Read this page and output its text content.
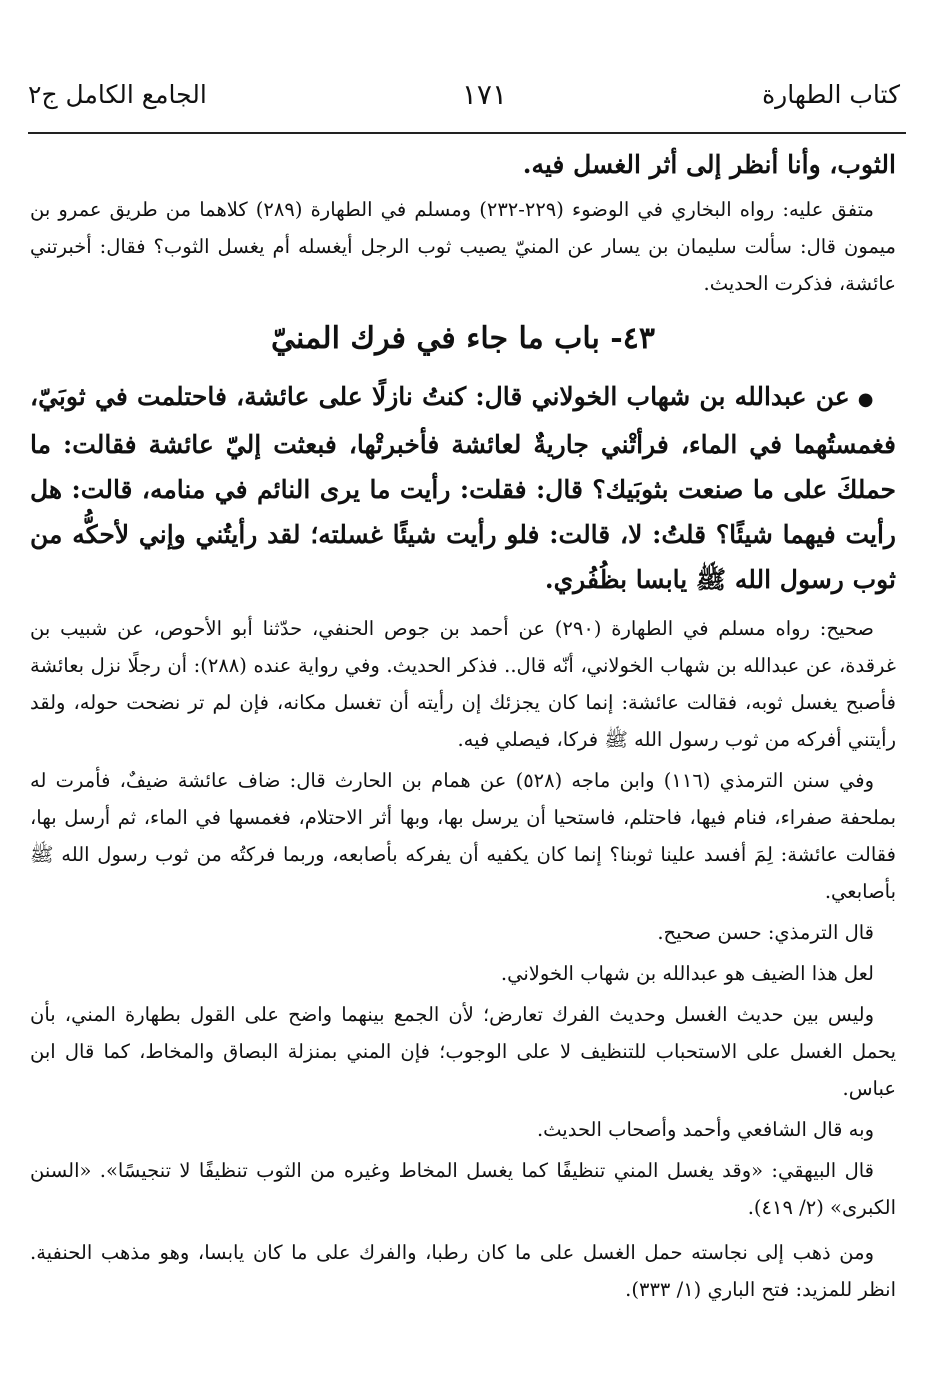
كتاب الطهارة
١٧١
الجامع الكامل ج٢

الثوب، وأنا أنظر إلى أثر الغسل فيه.

متفق عليه: رواه البخاري في الوضوء (٢٢٩-٢٣٢) ومسلم في الطهارة (٢٨٩) كلاهما من طريق عمرو بن ميمون قال: سألت سليمان بن يسار عن المنيّ يصيب ثوب الرجل أيغسله أم يغسل الثوب؟ فقال: أخبرتني عائشة، فذكرت الحديث.

٤٣- باب ما جاء في فرك المنيّ

●عن عبدالله بن شهاب الخولاني قال: كنتُ نازلًا على عائشة، فاحتلمت في ثوبَيّ، فغمستُهما في الماء، فرأتْني جاريةٌ لعائشة فأخبرتْها، فبعثت إليّ عائشة فقالت: ما حملكَ على ما صنعت بثوبَيك؟ قال: فقلت: رأيت ما يرى النائم في منامه، قالت: هل رأيت فيهما شيئًا؟ قلتُ: لا، قالت: فلو رأيت شيئًا غسلته؛ لقد رأيتُني وإني لأحكُّه من ثوب رسول الله ﷺ يابسا بظُفُري.

صحيح: رواه مسلم في الطهارة (٢٩٠) عن أحمد بن جوص الحنفي، حدّثنا أبو الأحوص، عن شبيب بن غرقدة، عن عبدالله بن شهاب الخولاني، أنّه قال.. فذكر الحديث. وفي رواية عنده (٢٨٨): أن رجلًا نزل بعائشة فأصبح يغسل ثوبه، فقالت عائشة: إنما كان يجزئك إن رأيته أن تغسل مكانه، فإن لم تر نضحت حوله، ولقد رأيتني أفركه من ثوب رسول الله ﷺ فركا، فيصلي فيه.

وفي سنن الترمذي (١١٦) وابن ماجه (٥٢٨) عن همام بن الحارث قال: ضاف عائشة ضيفٌ، فأمرت له بملحفة صفراء، فنام فيها، فاحتلم، فاستحيا أن يرسل بها، وبها أثر الاحتلام، فغمسها في الماء، ثم أرسل بها، فقالت عائشة: لِمَ أفسد علينا ثوبنا؟ إنما كان يكفيه أن يفركه بأصابعه، وربما فركتُه من ثوب رسول الله ﷺ بأصابعي.

قال الترمذي: حسن صحيح.

لعل هذا الضيف هو عبدالله بن شهاب الخولاني.

وليس بين حديث الغسل وحديث الفرك تعارض؛ لأن الجمع بينهما واضح على القول بطهارة المني، بأن يحمل الغسل على الاستحباب للتنظيف لا على الوجوب؛ فإن المني بمنزلة البصاق والمخاط، كما قال ابن عباس.

وبه قال الشافعي وأحمد وأصحاب الحديث.

قال البيهقي: «وقد يغسل المني تنظيفًا كما يغسل المخاط وغيره من الثوب تنظيفًا لا تنجيسًا». «السنن الكبرى» (٢/ ٤١٩).

ومن ذهب إلى نجاسته حمل الغسل على ما كان رطبا، والفرك على ما كان يابسا، وهو مذهب الحنفية. انظر للمزيد: فتح الباري (١/ ٣٣٣).
